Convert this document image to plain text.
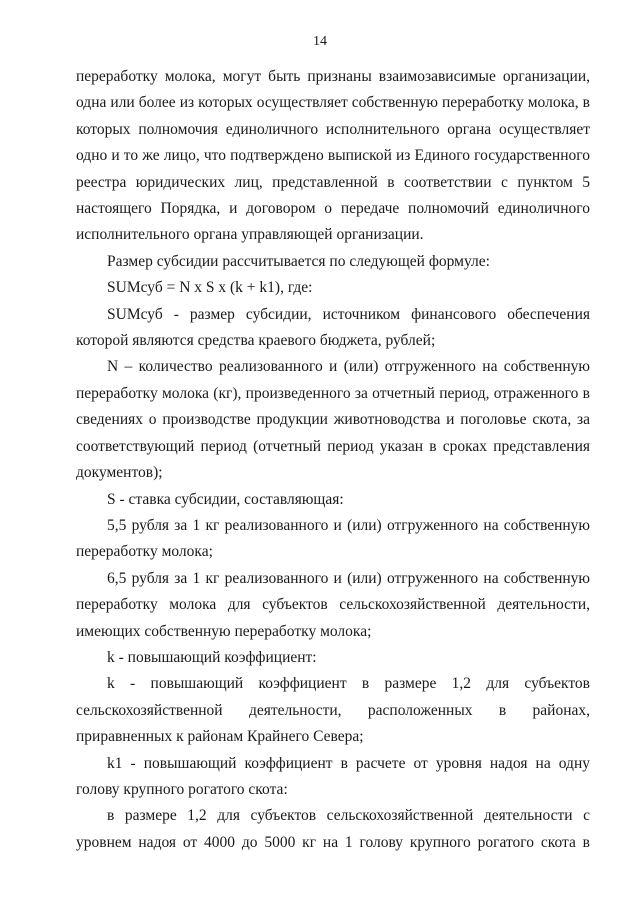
14

переработку молока, могут быть признаны взаимозависимые организации, одна или более из которых осуществляет собственную переработку молока, в которых полномочия единоличного исполнительного органа осуществляет одно и то же лицо, что подтверждено выпиской из Единого государственного реестра юридических лиц, представленной в соответствии с пунктом 5 настоящего Порядка, и договором о передаче полномочий единоличного исполнительного органа управляющей организации.

Размер субсидии рассчитывается по следующей формуле:

SUMсуб = N x S x (k + k1), где:

SUMсуб - размер субсидии, источником финансового обеспечения которой являются средства краевого бюджета, рублей;

N – количество реализованного и (или) отгруженного на собственную переработку молока (кг), произведенного за отчетный период, отраженного в сведениях о производстве продукции животноводства и поголовье скота, за соответствующий период (отчетный период указан в сроках представления документов);

S - ставка субсидии, составляющая:

5,5 рубля за 1 кг реализованного и (или) отгруженного на собственную переработку молока;

6,5 рубля за 1 кг реализованного и (или) отгруженного на собственную переработку молока для субъектов сельскохозяйственной деятельности, имеющих собственную переработку молока;

k - повышающий коэффициент:

k - повышающий коэффициент в размере 1,2 для субъектов сельскохозяйственной деятельности, расположенных в районах, приравненных к районам Крайнего Севера;

k1 - повышающий коэффициент в расчете от уровня надоя на одну голову крупного рогатого скота:

в размере 1,2 для субъектов сельскохозяйственной деятельности с уровнем надоя от 4000 до 5000 кг на 1 голову крупного рогатого скота в
